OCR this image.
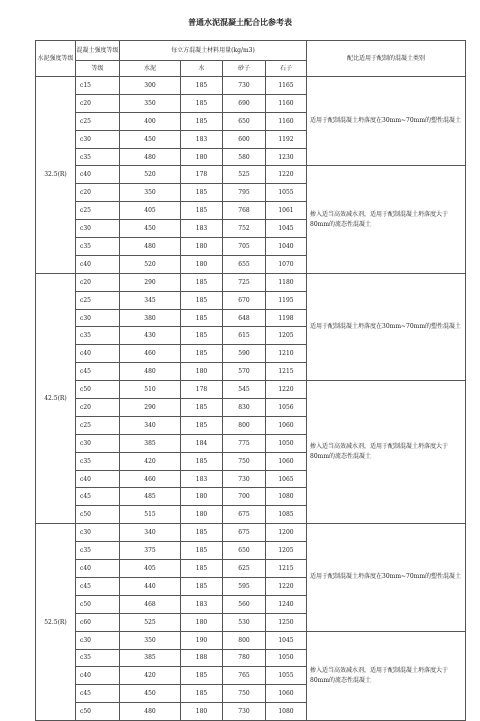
普通水泥混凝土配合比参考表
水泥强度等级	混凝土强度等级	每立方混凝土材料用量(kg/m3)				配比适用于配制的混凝土类别
	等级	水泥	水	砂子	石子	
32.5(R)	c15	300	185	730	1165	适用于配制混凝土坍落度在30mm~70mm的塑性混凝土
	c20	350	185	690	1160	
	c25	400	185	650	1160	
	c30	450	183	600	1192	
	c35	480	180	580	1230	
	c40	520	178	525	1220	掺入适当高效减水剂，适用于配制混凝土坍落度大于80mm的流态性混凝土
	c20	350	185	795	1055	
	c25	405	185	768	1061	
	c30	450	183	752	1045	
	c35	480	180	705	1040	
	c40	520	180	655	1070	
42.5(R)	c20	290	185	725	1180	适用于配制混凝土坍落度在30mm~70mm的塑性混凝土
	c25	345	185	670	1195	
	c30	380	185	648	1198	
	c35	430	185	615	1205	
	c40	460	185	590	1210	
	c45	480	180	570	1215	
	c50	510	178	545	1220	掺入适当高效减水剂，适用于配制混凝土坍落度大于80mm的流态性混凝土
	c20	290	185	830	1056	
	c25	340	185	800	1060	
	c30	385	184	775	1050	
	c35	420	185	750	1060	
	c40	460	183	730	1065	
	c45	485	180	700	1080	
	c50	515	180	675	1085	
52.5(R)	c30	340	185	675	1200	适用于配制混凝土坍落度在30mm~70mm的塑性混凝土
	c35	375	185	650	1205	
	c40	405	185	625	1215	
	c45	440	185	595	1220	
	c50	468	183	560	1240	
	c60	525	180	530	1250	
	c30	350	190	800	1045	掺入适当高效减水剂，适用于配制混凝土坍落度大于80mm的流态性混凝土
	c35	385	188	780	1050	
	c40	420	185	765	1055	
	c45	450	185	750	1060	
	c50	480	180	730	1080	
